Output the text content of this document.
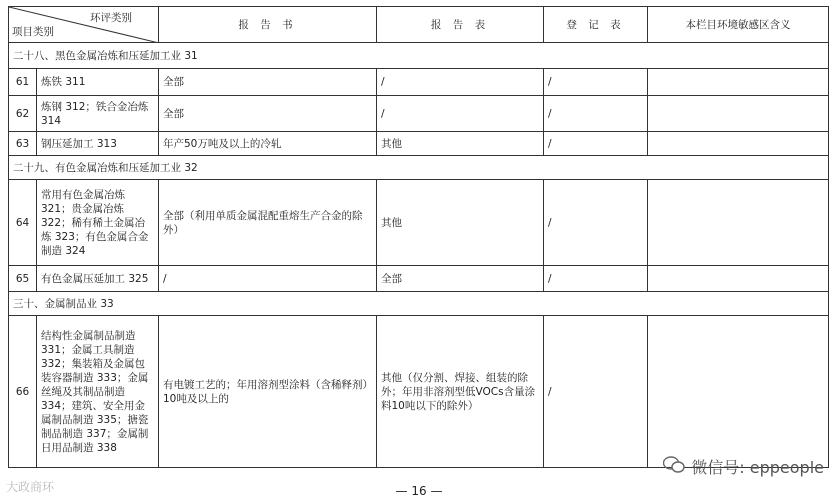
环评类别
项目类别		报 告 书	报 告 表	登 记 表	本栏目环境敏感区含义
二十八、黑色金属冶炼和压延加工业 31					
61	炼铁 311	全部	/	/	
62	炼钢 312；铁合金冶炼 314	全部	/	/	
63	钢压延加工 313	年产50万吨及以上的冷轧	其他	/	
二十九、有色金属冶炼和压延加工业 32					
64	常用有色金属冶炼 321；贵金属冶炼 322；稀有稀土金属冶炼 323；有色金属合金制造 324	全部（利用单质金属混配重熔生产合金的除外）	其他	/	
65	有色金属压延加工 325	/	全部	/	
三十、金属制品业 33					
66	结构性金属制品制造 331；金属工具制造 332；集装箱及金属包装容器制造 333；金属丝绳及其制品制造 334；建筑、安全用金属制品制造 335；搪瓷制品制造 337；金属制日用品制造 338	有电镀工艺的；年用溶剂型涂料（含稀释剂）10吨及以上的	其他（仅分割、焊接、组装的除外；年用非溶剂型低VOCs含量涂料10吨以下的除外）	/	
微信号: eppeople
大政商环	— 16 —
